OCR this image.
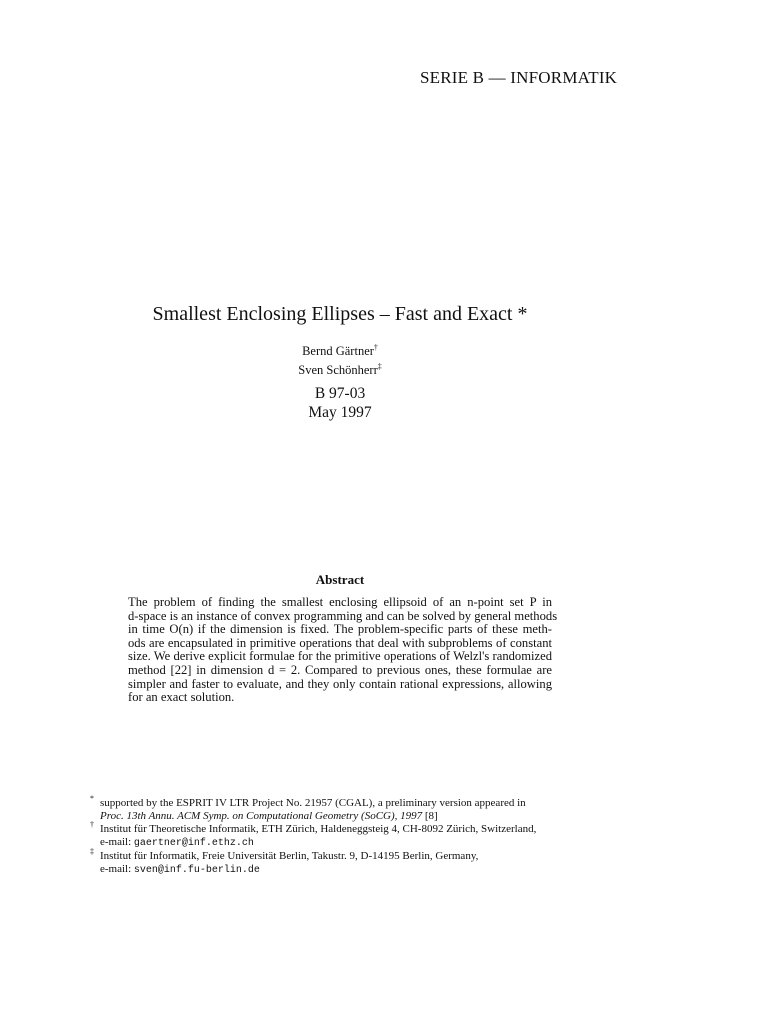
SERIE B — INFORMATIK
Smallest Enclosing Ellipses – Fast and Exact *
Bernd Gärtner†
Sven Schönherr‡
B 97-03
May 1997
Abstract
The problem of finding the smallest enclosing ellipsoid of an n-point set P in
d-space is an instance of convex programming and can be solved by general methods
in time O(n) if the dimension is fixed. The problem-specific parts of these meth-
ods are encapsulated in primitive operations that deal with subproblems of constant
size. We derive explicit formulae for the primitive operations of Welzl's randomized
method [22] in dimension d = 2. Compared to previous ones, these formulae are
simpler and faster to evaluate, and they only contain rational expressions, allowing
for an exact solution.
* supported by the ESPRIT IV LTR Project No. 21957 (CGAL), a preliminary version appeared in
Proc. 13th Annu. ACM Symp. on Computational Geometry (SoCG), 1997 [8]
† Institut für Theoretische Informatik, ETH Zürich, Haldeneggsteig 4, CH-8092 Zürich, Switzerland,
e-mail: gaertner@inf.ethz.ch
‡ Institut für Informatik, Freie Universität Berlin, Takustr. 9, D-14195 Berlin, Germany,
e-mail: sven@inf.fu-berlin.de
